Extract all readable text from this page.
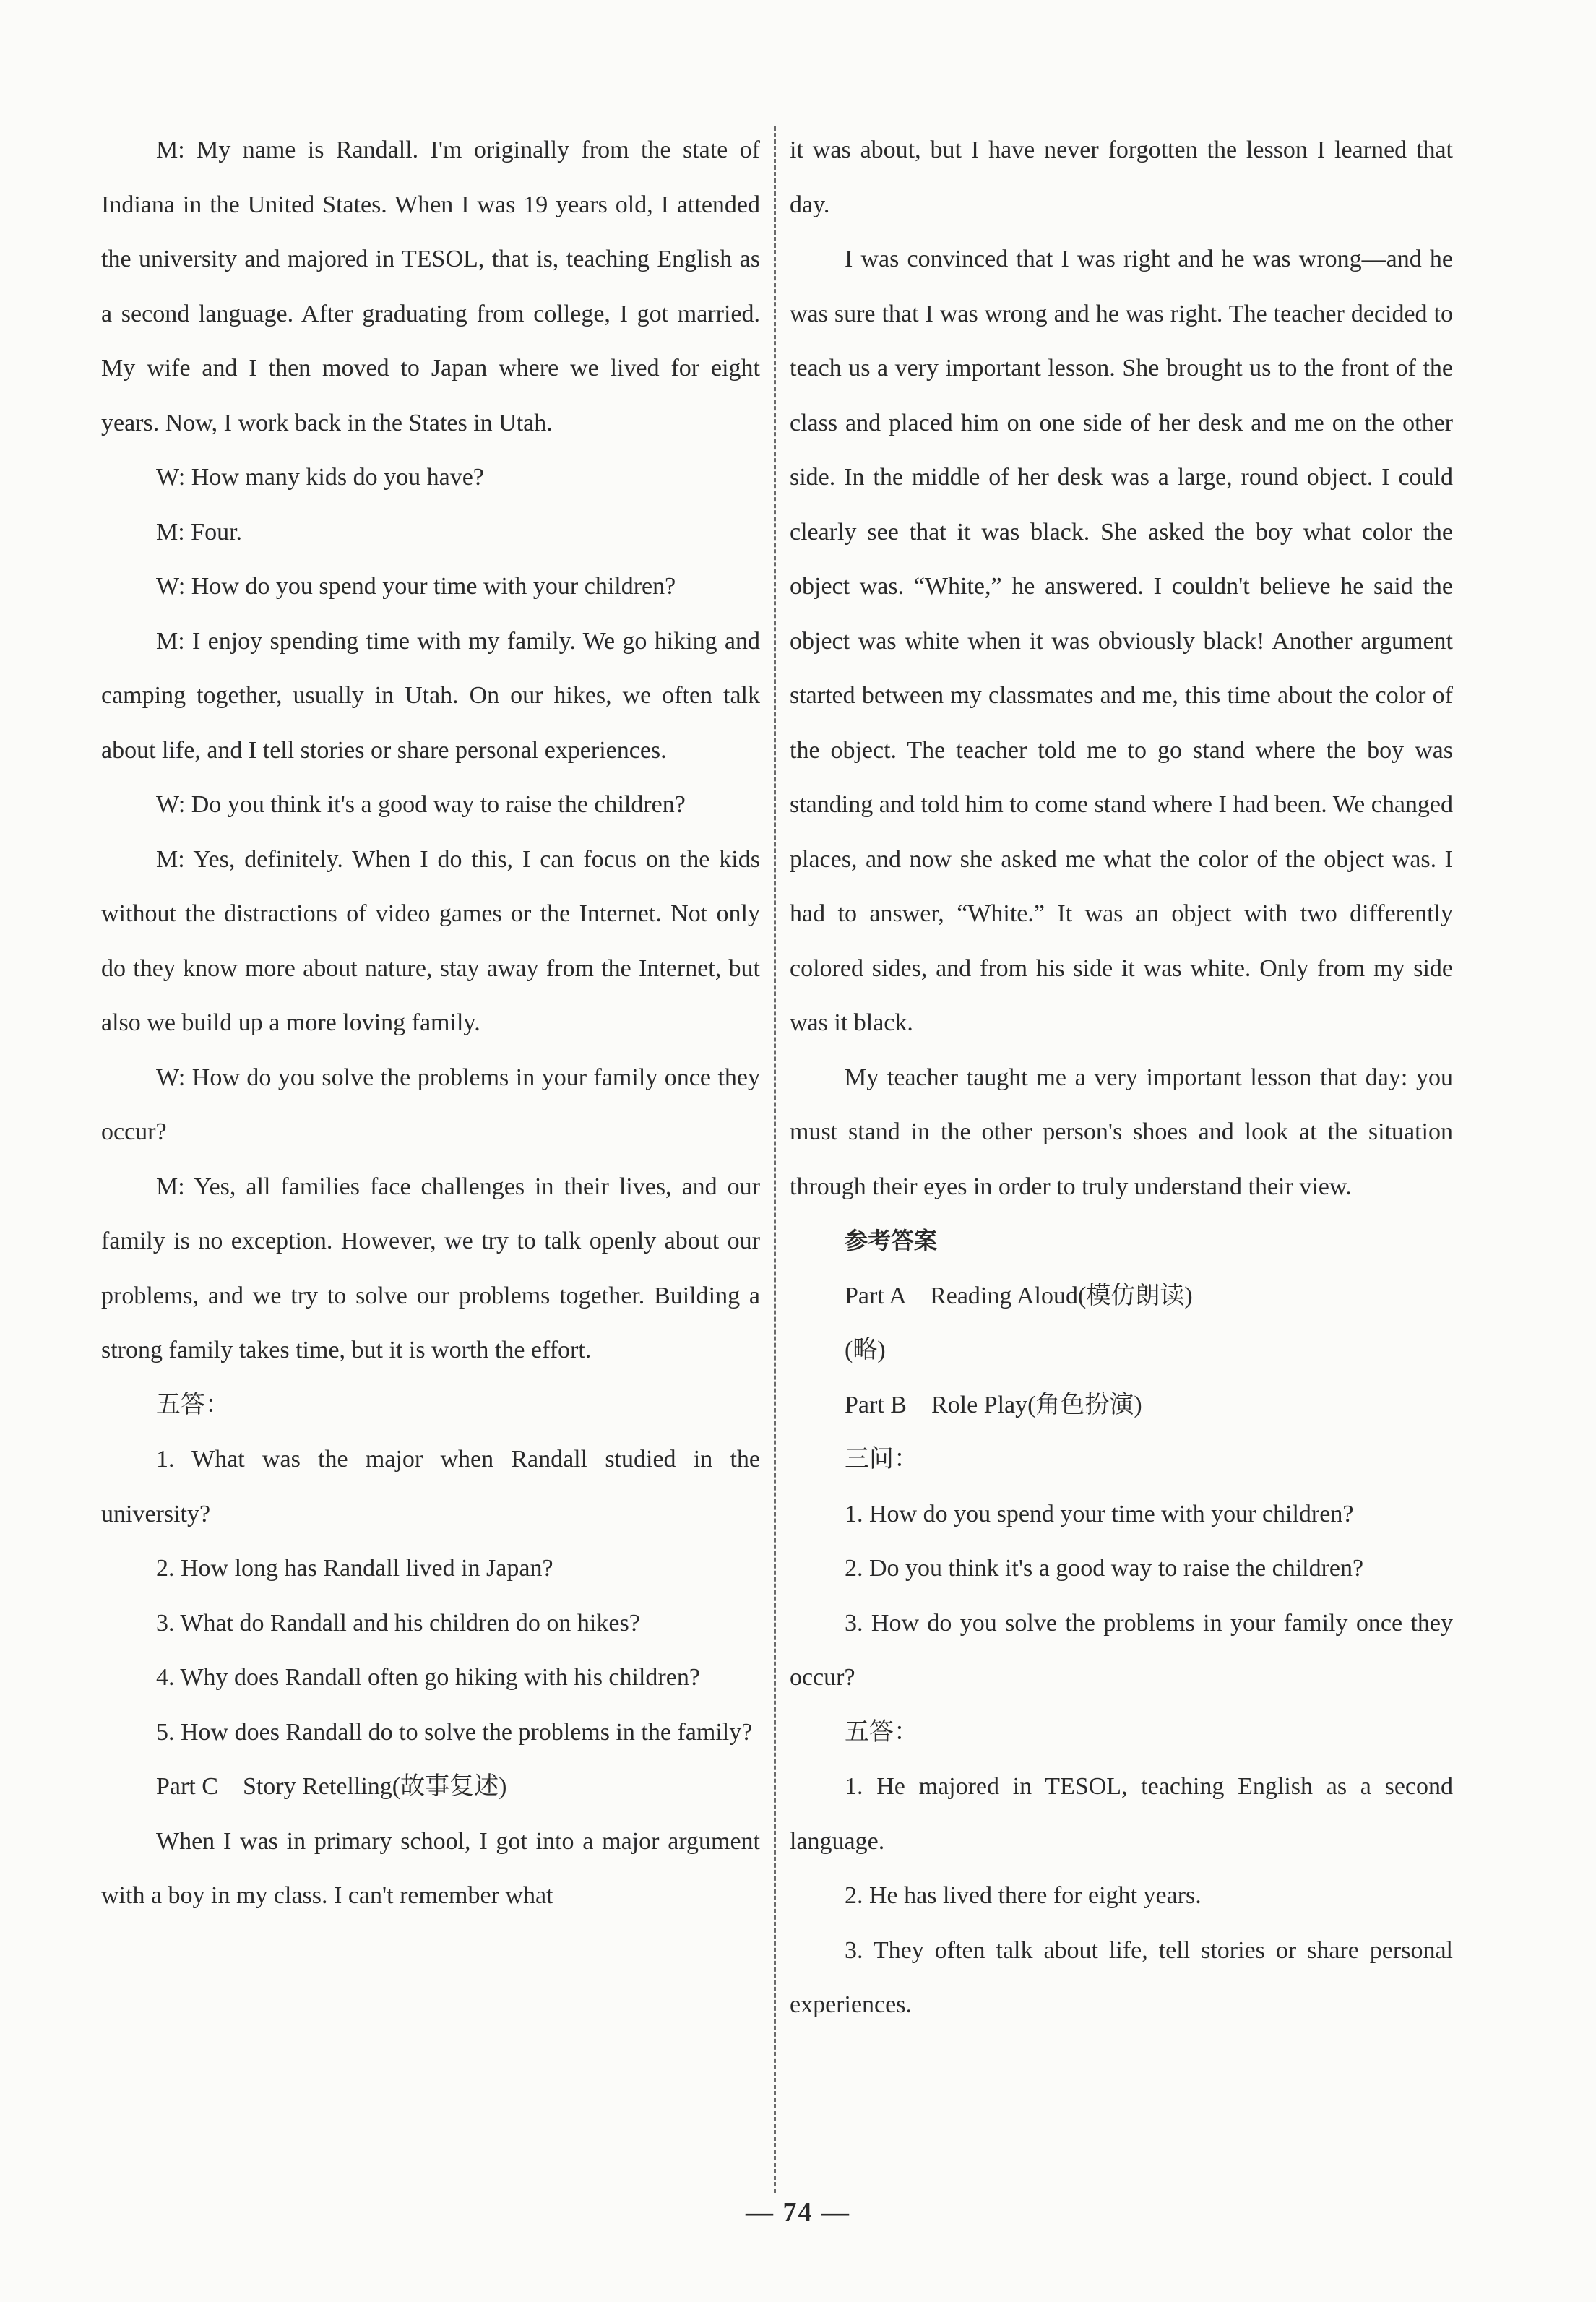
M: My name is Randall. I'm originally from the state of Indiana in the United States. When I was 19 years old, I attended the university and majored in TESOL, that is, teaching English as a second language. After graduating from college, I got married. My wife and I then moved to Japan where we lived for eight years. Now, I work back in the States in Utah.

W: How many kids do you have?

M: Four.

W: How do you spend your time with your children?

M: I enjoy spending time with my family. We go hiking and camping together, usually in Utah. On our hikes, we often talk about life, and I tell stories or share personal experiences.

W: Do you think it's a good way to raise the children?

M: Yes, definitely. When I do this, I can focus on the kids without the distractions of video games or the Internet. Not only do they know more about nature, stay away from the Internet, but also we build up a more loving family.

W: How do you solve the problems in your family once they occur?

M: Yes, all families face challenges in their lives, and our family is no exception. However, we try to talk openly about our problems, and we try to solve our problems together. Building a strong family takes time, but it is worth the effort.

五答：

1. What was the major when Randall studied in the university?

2. How long has Randall lived in Japan?

3. What do Randall and his children do on hikes?

4. Why does Randall often go hiking with his children?

5. How does Randall do to solve the problems in the family?

Part C　Story Retelling(故事复述)

When I was in primary school, I got into a major argument with a boy in my class. I can't remember what

it was about, but I have never forgotten the lesson I learned that day.

I was convinced that I was right and he was wrong—and he was sure that I was wrong and he was right. The teacher decided to teach us a very important lesson. She brought us to the front of the class and placed him on one side of her desk and me on the other side. In the middle of her desk was a large, round object. I could clearly see that it was black. She asked the boy what color the object was. “White,” he answered. I couldn't believe he said the object was white when it was obviously black! Another argument started between my classmates and me, this time about the color of the object. The teacher told me to go stand where the boy was standing and told him to come stand where I had been. We changed places, and now she asked me what the color of the object was. I had to answer, “White.” It was an object with two differently colored sides, and from his side it was white. Only from my side was it black.

My teacher taught me a very important lesson that day: you must stand in the other person's shoes and look at the situation through their eyes in order to truly understand their view.

参考答案

Part A　Reading Aloud(模仿朗读)

(略)

Part B　Role Play(角色扮演)

三问：

1. How do you spend your time with your children?

2. Do you think it's a good way to raise the children?

3. How do you solve the problems in your family once they occur?

五答：

1. He majored in TESOL, teaching English as a second language.

2. He has lived there for eight years.

3. They often talk about life, tell stories or share personal experiences.

— 74 —
